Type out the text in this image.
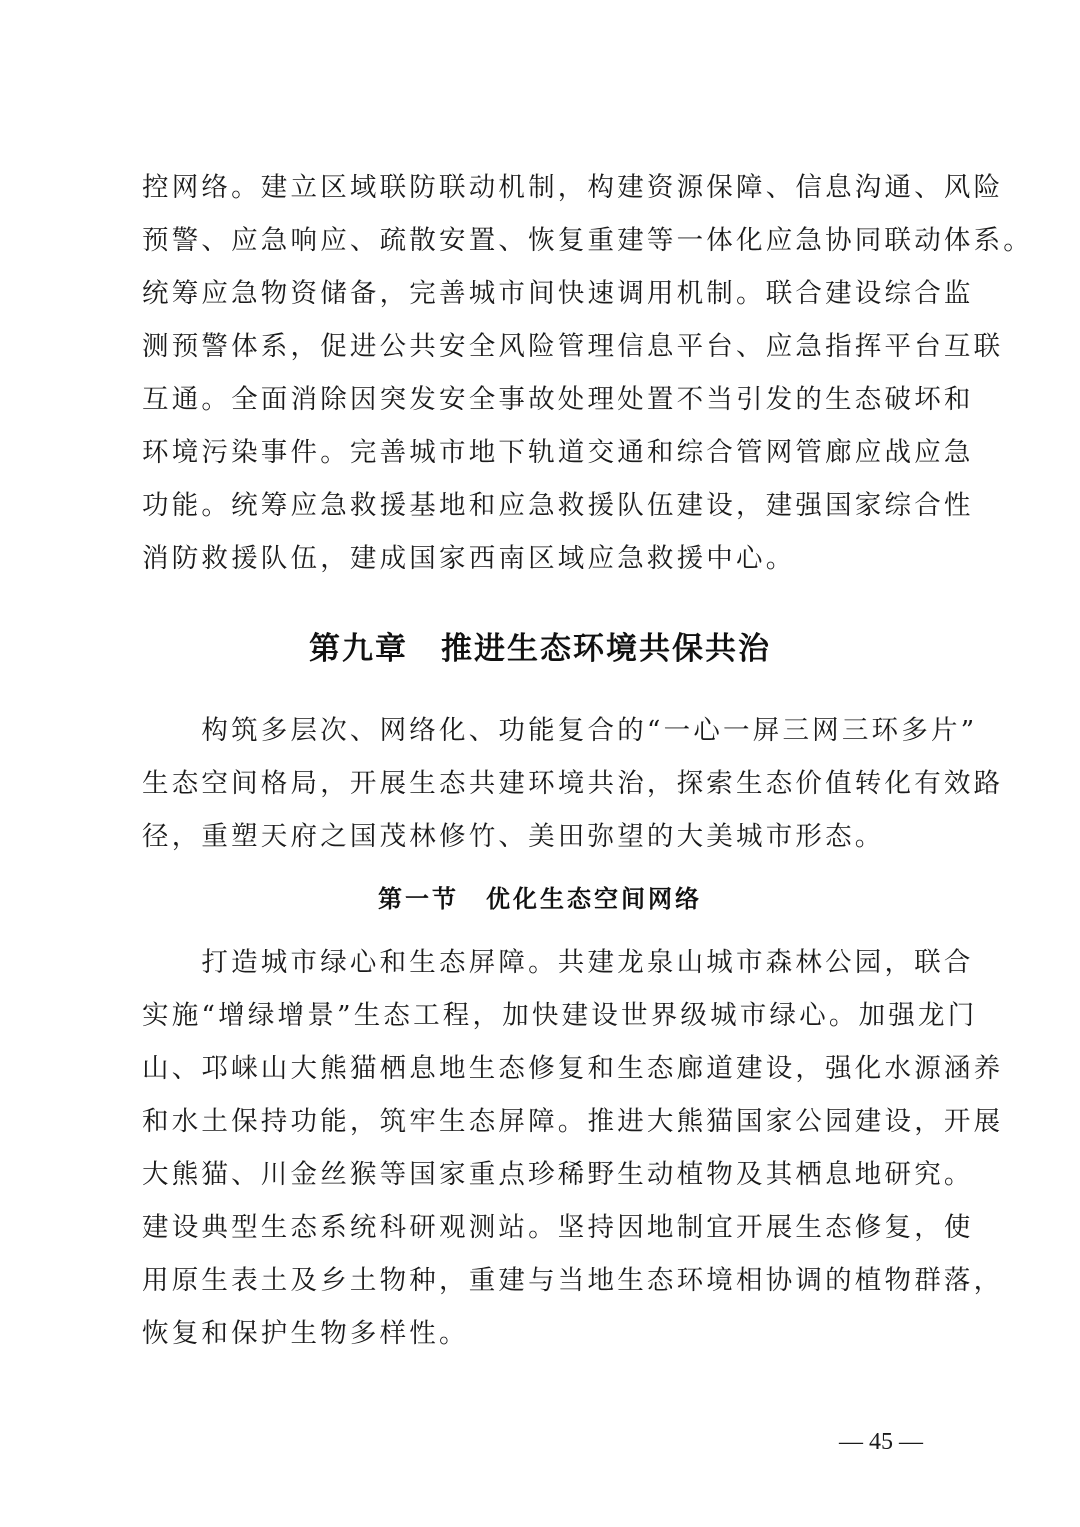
控网络。建立区域联防联动机制，构建资源保障、信息沟通、风险
预警、应急响应、疏散安置、恢复重建等一体化应急协同联动体系。
统筹应急物资储备，完善城市间快速调用机制。联合建设综合监
测预警体系，促进公共安全风险管理信息平台、应急指挥平台互联
互通。全面消除因突发安全事故处理处置不当引发的生态破坏和
环境污染事件。完善城市地下轨道交通和综合管网管廊应战应急
功能。统筹应急救援基地和应急救援队伍建设，建强国家综合性
消防救援队伍，建成国家西南区域应急救援中心。
第九章　推进生态环境共保共治
　　构筑多层次、网络化、功能复合的“一心一屏三网三环多片”
生态空间格局，开展生态共建环境共治，探索生态价值转化有效路
径，重塑天府之国茂林修竹、美田弥望的大美城市形态。
第一节　优化生态空间网络
　　打造城市绿心和生态屏障。共建龙泉山城市森林公园，联合
实施“增绿增景”生态工程，加快建设世界级城市绿心。加强龙门
山、邛崃山大熊猫栖息地生态修复和生态廊道建设，强化水源涵养
和水土保持功能，筑牢生态屏障。推进大熊猫国家公园建设，开展
大熊猫、川金丝猴等国家重点珍稀野生动植物及其栖息地研究。
建设典型生态系统科研观测站。坚持因地制宜开展生态修复，使
用原生表土及乡土物种，重建与当地生态环境相协调的植物群落，
恢复和保护生物多样性。
— 45 —
